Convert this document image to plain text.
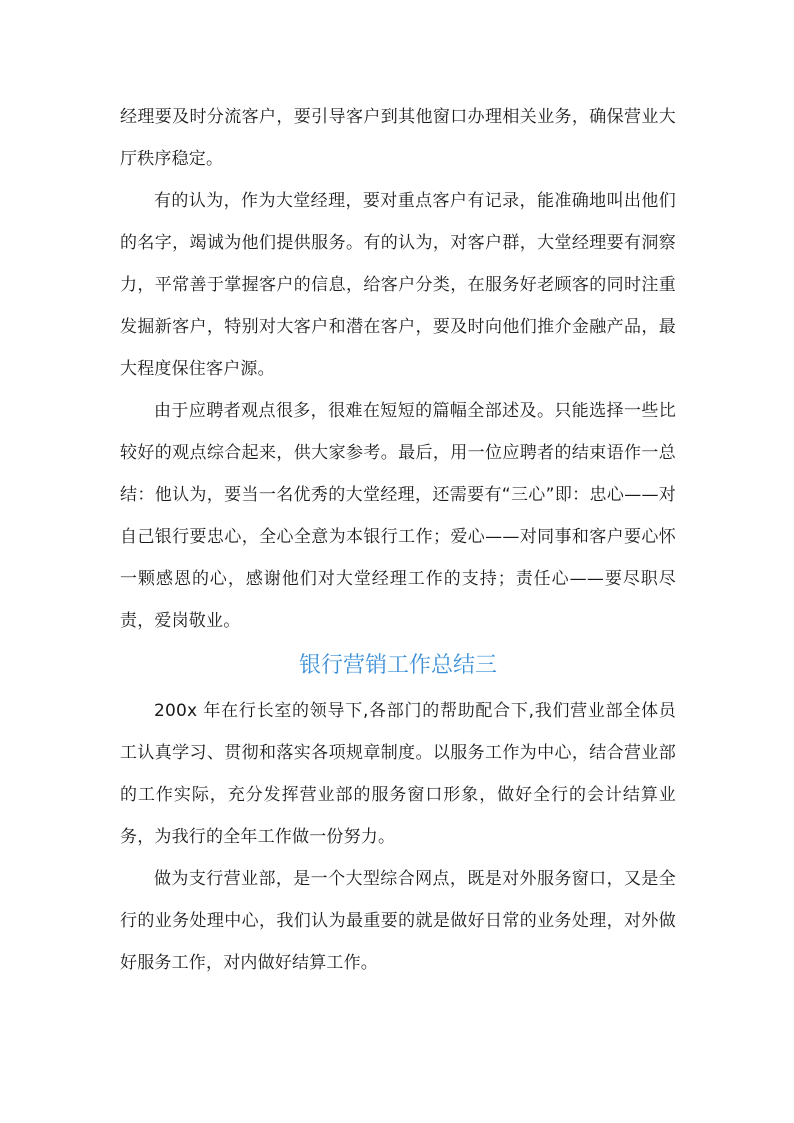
经理要及时分流客户，要引导客户到其他窗口办理相关业务，确保营业大厅秩序稳定。

有的认为，作为大堂经理，要对重点客户有记录，能准确地叫出他们的名字，竭诚为他们提供服务。有的认为，对客户群，大堂经理要有洞察力，平常善于掌握客户的信息，给客户分类，在服务好老顾客的同时注重发掘新客户，特别对大客户和潜在客户，要及时向他们推介金融产品，最大程度保住客户源。

由于应聘者观点很多，很难在短短的篇幅全部述及。只能选择一些比较好的观点综合起来，供大家参考。最后，用一位应聘者的结束语作一总结：他认为，要当一名优秀的大堂经理，还需要有“三心”即：忠心——对自己银行要忠心，全心全意为本银行工作；爱心——对同事和客户要心怀一颗感恩的心，感谢他们对大堂经理工作的支持；责任心——要尽职尽责，爱岗敬业。

银行营销工作总结三

200x 年在行长室的领导下,各部门的帮助配合下,我们营业部全体员工认真学习、贯彻和落实各项规章制度。以服务工作为中心，结合营业部的工作实际，充分发挥营业部的服务窗口形象，做好全行的会计结算业务，为我行的全年工作做一份努力。

做为支行营业部，是一个大型综合网点，既是对外服务窗口，又是全行的业务处理中心，我们认为最重要的就是做好日常的业务处理，对外做好服务工作，对内做好结算工作。
